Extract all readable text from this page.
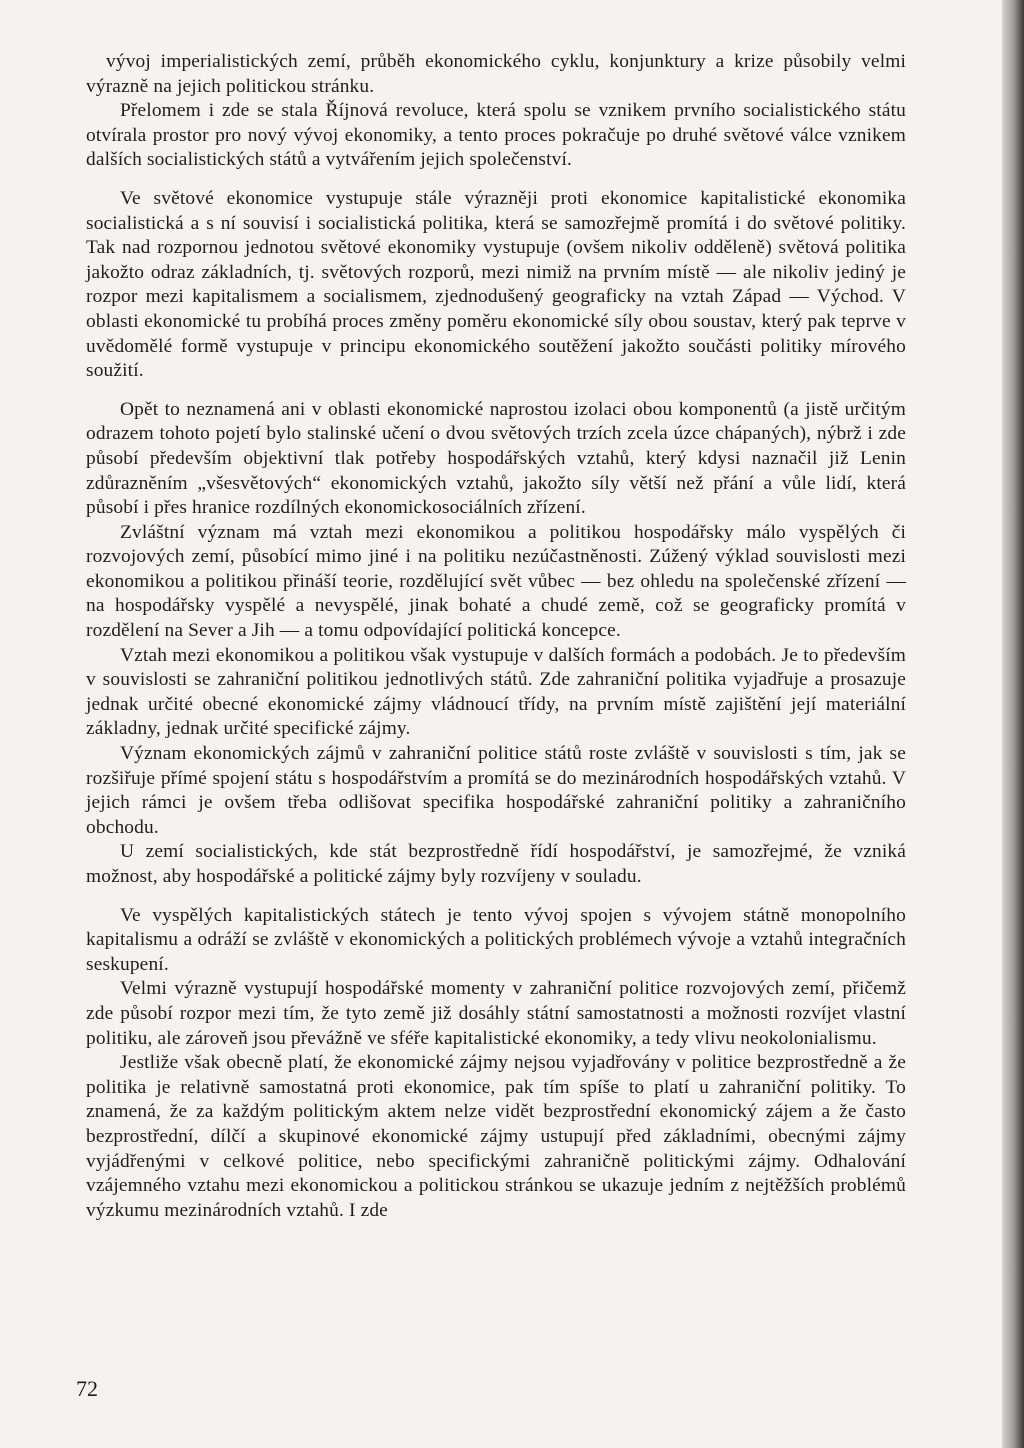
vývoj imperialistických zemí, průběh ekonomického cyklu, konjunktury a krize působily velmi výrazně na jejich politickou stránku.

Přelomem i zde se stala Říjnová revoluce, která spolu se vznikem prvního socialistického státu otvírala prostor pro nový vývoj ekonomiky, a tento proces pokračuje po druhé světové válce vznikem dalších socialistických států a vytvářením jejich společenství.

Ve světové ekonomice vystupuje stále výrazněji proti ekonomice kapitalistické ekonomika socialistická a s ní souvisí i socialistická politika, která se samozřejmě promítá i do světové politiky. Tak nad rozpornou jednotou světové ekonomiky vystupuje (ovšem nikoliv odděleně) světová politika jakožto odraz základních, tj. světových rozporů, mezi nimiž na prvním místě — ale nikoliv jediný je rozpor mezi kapitalismem a socialismem, zjednodušený geograficky na vztah Západ — Východ. V oblasti ekonomické tu probíhá proces změny poměru ekonomické síly obou soustav, který pak teprve v uvědomělé formě vystupuje v principu ekonomického soutěžení jakožto součásti politiky mírového soužití.

Opět to neznamená ani v oblasti ekonomické naprostou izolaci obou komponentů (a jistě určitým odrazem tohoto pojetí bylo stalinské učení o dvou světových trzích zcela úzce chápaných), nýbrž i zde působí především objektivní tlak potřeby hospodářských vztahů, který kdysi naznačil již Lenin zdůrazněním „všesvětových“ ekonomických vztahů, jakožto síly větší než přání a vůle lidí, která působí i přes hranice rozdílných ekonomickosociálních zřízení.

Zvláštní význam má vztah mezi ekonomikou a politikou hospodářsky málo vyspělých či rozvojových zemí, působící mimo jiné i na politiku nezúčastněnosti. Zúžený výklad souvislosti mezi ekonomikou a politikou přináší teorie, rozdělující svět vůbec — bez ohledu na společenské zřízení — na hospodářsky vyspělé a nevyspělé, jinak bohaté a chudé země, což se geograficky promítá v rozdělení na Sever a Jih — a tomu odpovídající politická koncepce.

Vztah mezi ekonomikou a politikou však vystupuje v dalších formách a podobách. Je to především v souvislosti se zahraniční politikou jednotlivých států. Zde zahraniční politika vyjadřuje a prosazuje jednak určité obecné ekonomické zájmy vládnoucí třídy, na prvním místě zajištění její materiální základny, jednak určité specifické zájmy.

Význam ekonomických zájmů v zahraniční politice států roste zvláště v souvislosti s tím, jak se rozšiřuje přímé spojení státu s hospodářstvím a promítá se do mezinárodních hospodářských vztahů. V jejich rámci je ovšem třeba odlišovat specifika hospodářské zahraniční politiky a zahraničního obchodu.

U zemí socialistických, kde stát bezprostředně řídí hospodářství, je samozřejmé, že vzniká možnost, aby hospodářské a politické zájmy byly rozvíjeny v souladu.

Ve vyspělých kapitalistických státech je tento vývoj spojen s vývojem státně monopolního kapitalismu a odráží se zvláště v ekonomických a politických problémech vývoje a vztahů integračních seskupení.

Velmi výrazně vystupují hospodářské momenty v zahraniční politice rozvojových zemí, přičemž zde působí rozpor mezi tím, že tyto země již dosáhly státní samostatnosti a možnosti rozvíjet vlastní politiku, ale zároveň jsou převážně ve sféře kapitalistické ekonomiky, a tedy vlivu neokolonialismu.

Jestliže však obecně platí, že ekonomické zájmy nejsou vyjadřovány v politice bezprostředně a že politika je relativně samostatná proti ekonomice, pak tím spíše to platí u zahraniční politiky. To znamená, že za každým politickým aktem nelze vidět bezprostřední ekonomický zájem a že často bezprostřední, dílčí a skupinové ekonomické zájmy ustupují před základními, obecnými zájmy vyjádřenými v celkové politice, nebo specifickými zahraničně politickými zájmy. Odhalování vzájemného vztahu mezi ekonomickou a politickou stránkou se ukazuje jedním z nejtěžších problémů výzkumu mezinárodních vztahů. I zde

72
